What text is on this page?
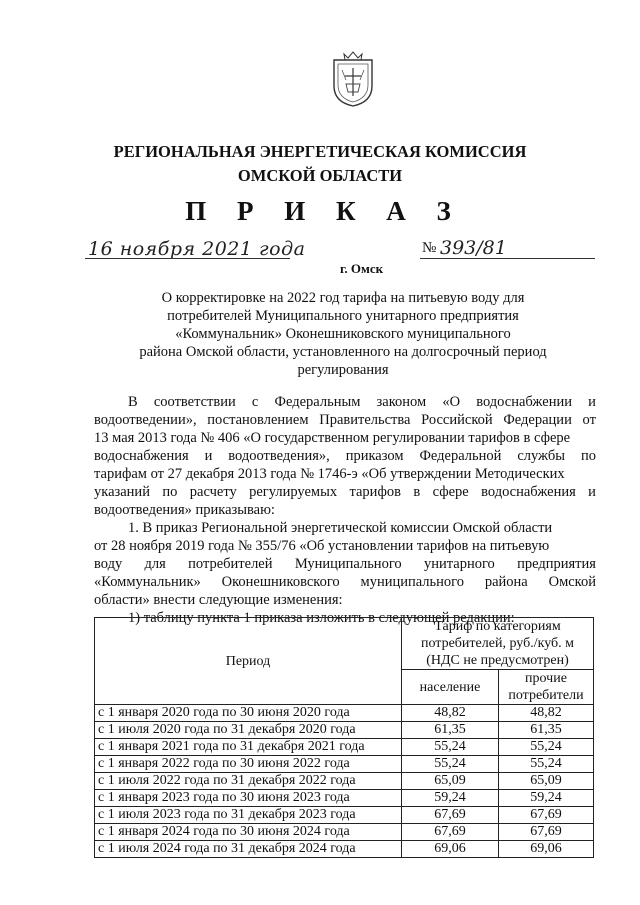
РЕГИОНАЛЬНАЯ ЭНЕРГЕТИЧЕСКАЯ КОМИССИЯ
ОМСКОЙ ОБЛАСТИ
П Р И К А З
16 ноября 2021 года	№ 393/81
г. Омск
О корректировке на 2022 год тарифа на питьевую воду для
потребителей Муниципального унитарного предприятия
«Коммунальник» Оконешниковского муниципального
района Омской области, установленного на долгосрочный период
регулирования
В соответствии с Федеральным законом «О водоснабжении и
водоотведении», постановлением Правительства Российской Федерации от
13 мая 2013 года № 406 «О государственном регулировании тарифов в сфере
водоснабжения и водоотведения», приказом Федеральной службы по
тарифам от 27 декабря 2013 года № 1746-э «Об утверждении Методических
указаний по расчету регулируемых тарифов в сфере водоснабжения и
водоотведения» приказываю:
1. В приказ Региональной энергетической комиссии Омской области
от 28 ноября 2019 года № 355/76 «Об установлении тарифов на питьевую
воду для потребителей Муниципального унитарного предприятия
«Коммунальник» Оконешниковского муниципального района Омской
области» внести следующие изменения:
1) таблицу пункта 1 приказа изложить в следующей редакции:
Период	Тариф по категориям потребителей, руб./куб. м (НДС не предусмотрен)	
	население	прочие потребители
с 1 января 2020 года по 30 июня 2020 года	48,82	48,82
с 1 июля 2020 года по 31 декабря 2020 года	61,35	61,35
с 1 января 2021 года по 31 декабря 2021 года	55,24	55,24
с 1 января 2022 года по 30 июня 2022 года	55,24	55,24
с 1 июля 2022 года по 31 декабря 2022 года	65,09	65,09
с 1 января 2023 года по 30 июня 2023 года	59,24	59,24
с 1 июля 2023 года по 31 декабря 2023 года	67,69	67,69
с 1 января 2024 года по 30 июня 2024 года	67,69	67,69
с 1 июля 2024 года по 31 декабря 2024 года	69,06	69,06
